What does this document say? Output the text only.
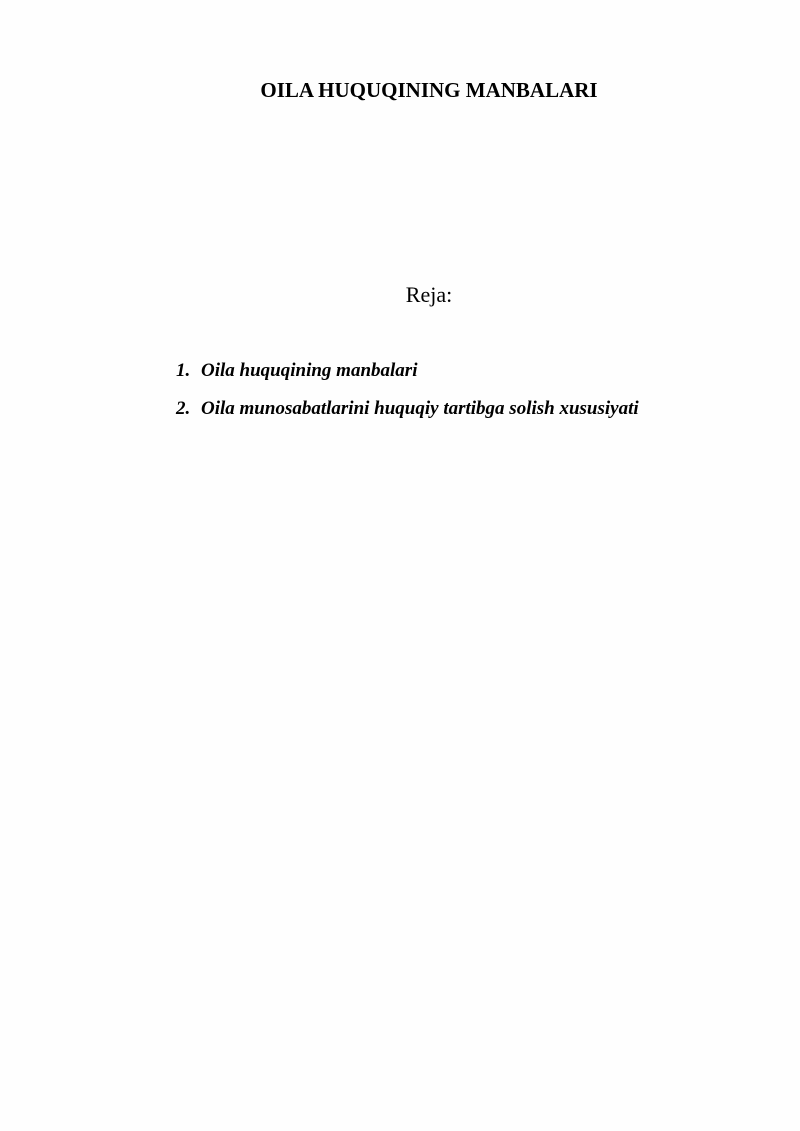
OILA HUQUQINING MANBALARI
Reja:
1. Oila huquqining manbalari
2. Oila munosabatlarini huquqiy tartibga solish xususiyati
